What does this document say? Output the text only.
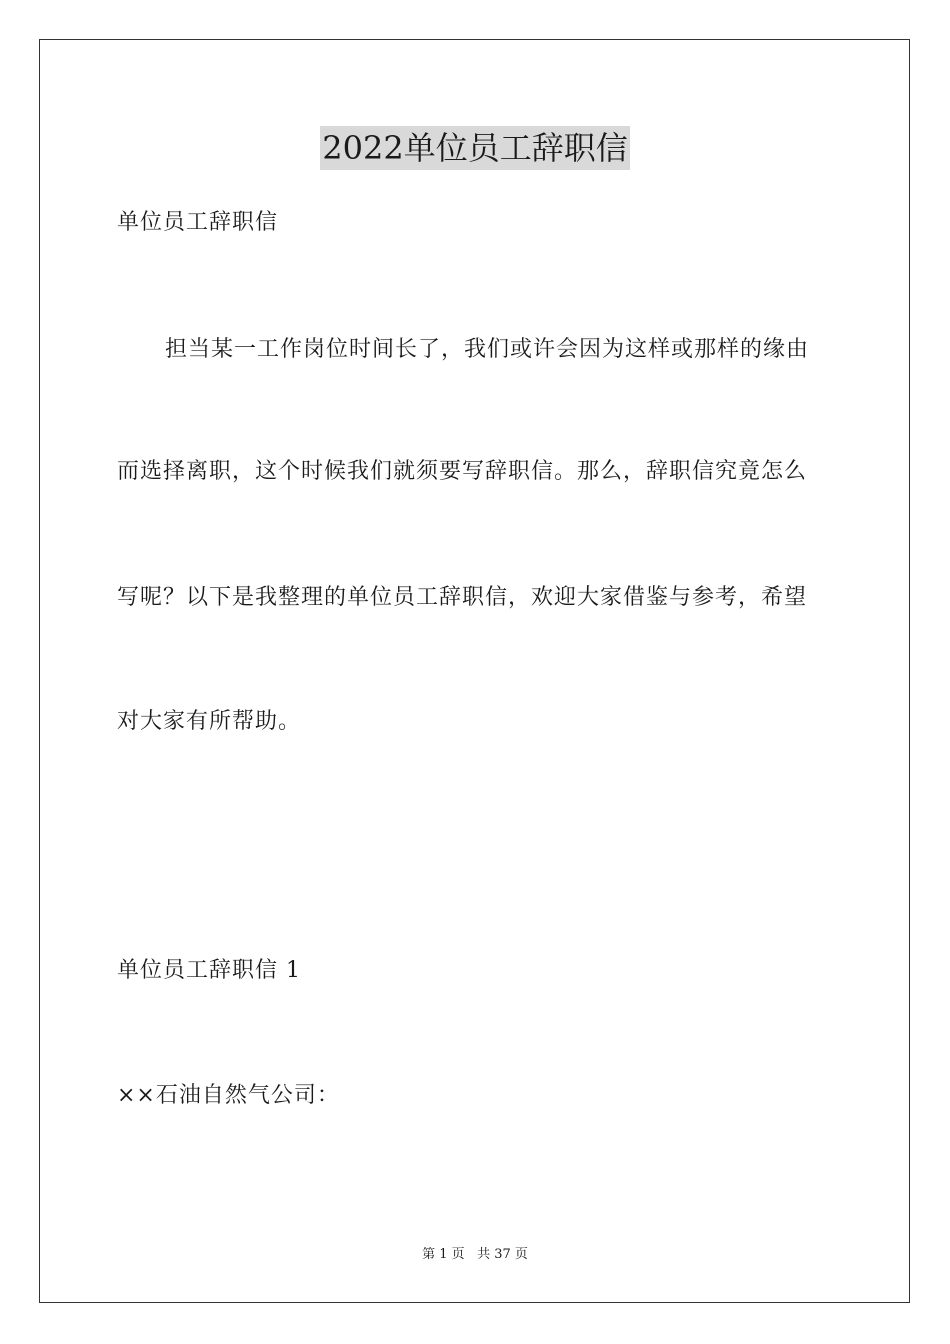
2022单位员工辞职信
单位员工辞职信
担当某一工作岗位时间长了，我们或许会因为这样或那样的缘由
而选择离职，这个时候我们就须要写辞职信。那么，辞职信究竟怎么
写呢？以下是我整理的单位员工辞职信，欢迎大家借鉴与参考，希望
对大家有所帮助。
单位员工辞职信 1
××石油自然气公司：
第 1 页 共 37 页
